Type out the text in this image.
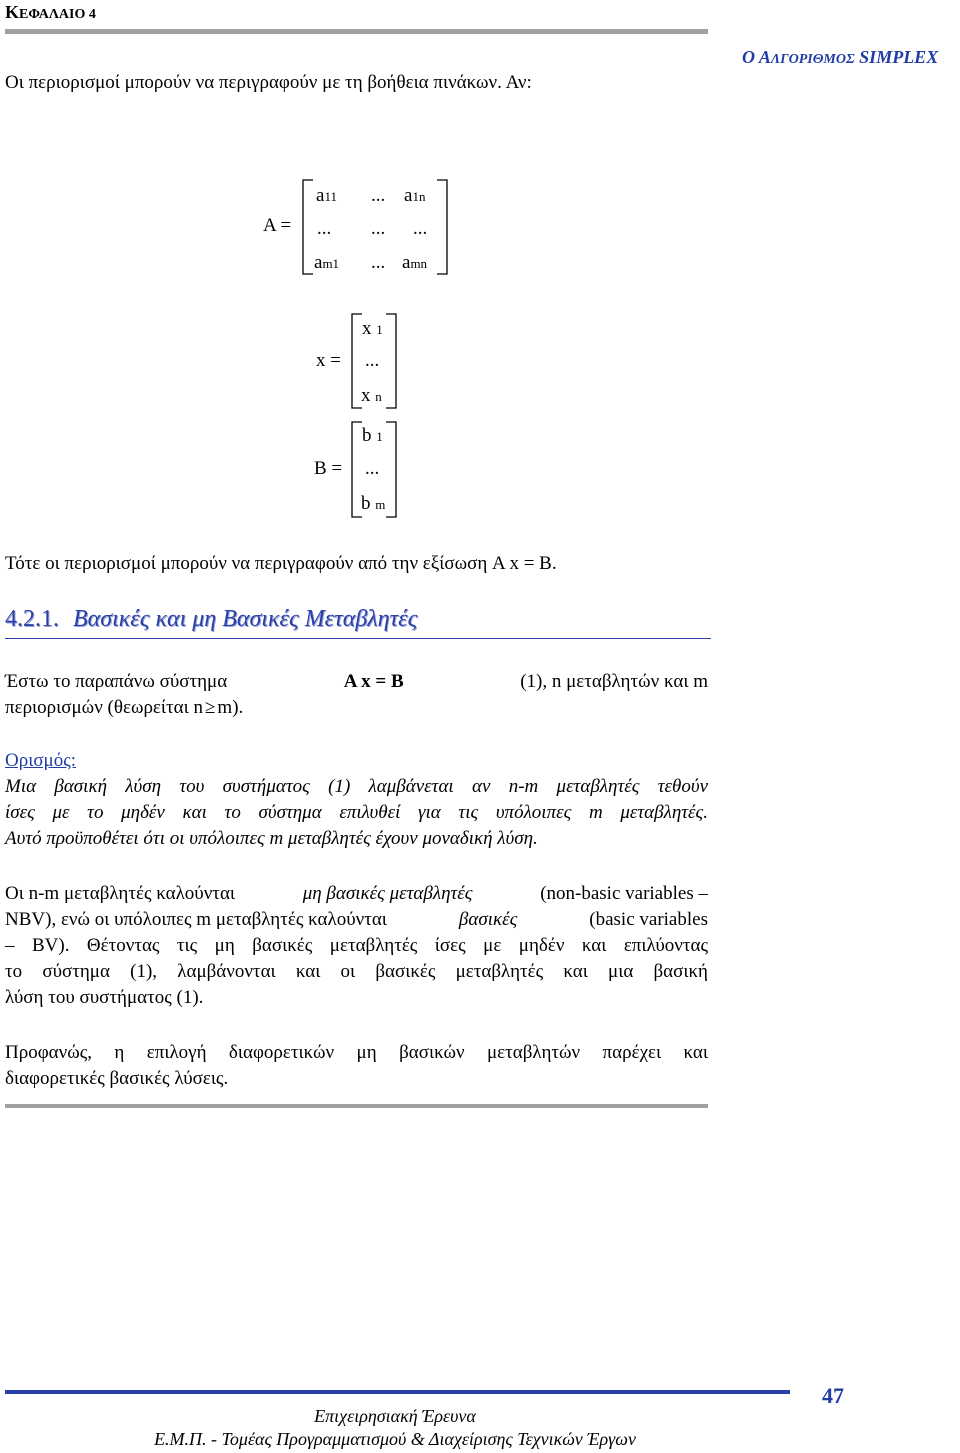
ΚΕΦΑΛΑΙΟ 4
Ο ΑΛΓΟΡΙΘΜΟΣ SIMPLEX
Οι περιορισμοί μπορούν να περιγραφούν με τη βοήθεια πινάκων. Αν:
A =
a11 ... a1n
... ... ...
am1 ... amn
x =
x 1
...
x n
B =
b 1
...
b m
Τότε οι περιορισμοί μπορούν να περιγραφούν από την εξίσωση A x = B.
4.2.1. Βασικές και μη Βασικές Μεταβλητές
Έστω το παραπάνω σύστημα	A x = B	(1), n μεταβλητών και m
περιορισμών (θεωρείται n ≥ m).
Ορισμός:
Μια βασική λύση του συστήματος (1) λαμβάνεται αν n-m μεταβλητές τεθούν
ίσες με το μηδέν και το σύστημα επιλυθεί για τις υπόλοιπες m μεταβλητές.
Αυτό προϋποθέτει ότι οι υπόλοιπες m μεταβλητές έχουν μοναδική λύση.
Οι n-m μεταβλητές καλούνται	μη βασικές μεταβλητές	(non-basic variables –
NBV), ενώ οι υπόλοιπες m μεταβλητές καλούνται	βασικές	(basic variables
– BV). Θέτοντας τις μη βασικές μεταβλητές ίσες με μηδέν και επιλύοντας
το σύστημα (1), λαμβάνονται και οι βασικές μεταβλητές και μια βασική
λύση του συστήματος (1).
Προφανώς, η επιλογή διαφορετικών μη βασικών μεταβλητών παρέχει και
διαφορετικές βασικές λύσεις.
47
Επιχειρησιακή Έρευνα
Ε.Μ.Π. - Τομέας Προγραμματισμού & Διαχείρισης Τεχνικών Έργων
